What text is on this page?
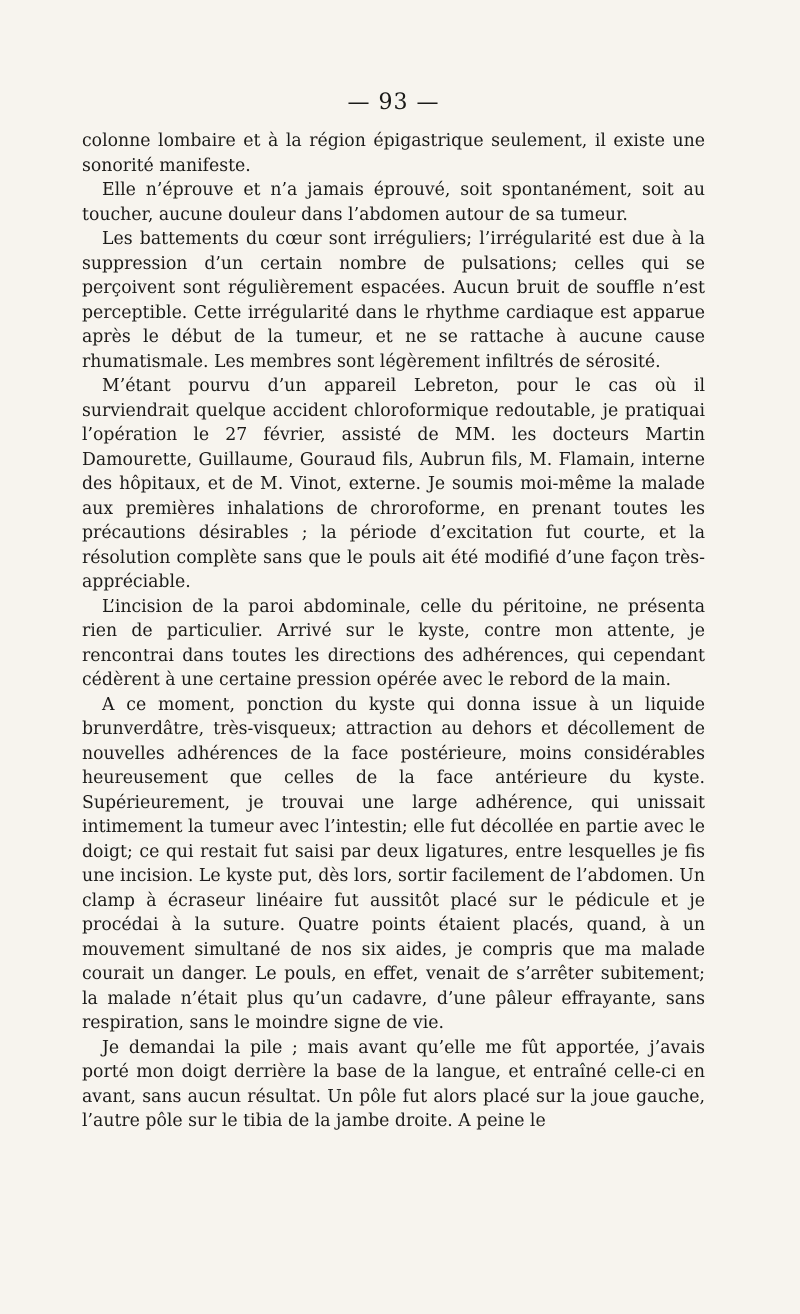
— 93 —

colonne lombaire et à la région épigastrique seulement, il existe une sonorité manifeste.

Elle n’éprouve et n’a jamais éprouvé, soit spontanément, soit au toucher, aucune douleur dans l’abdomen autour de sa tumeur.

Les battements du cœur sont irréguliers; l’irrégularité est due à la suppression d’un certain nombre de pulsations; celles qui se perçoivent sont régulièrement espacées. Aucun bruit de souffle n’est perceptible. Cette irrégularité dans le rhythme cardiaque est apparue après le début de la tumeur, et ne se rattache à aucune cause rhumatismale. Les membres sont légèrement infiltrés de sérosité.

M’étant pourvu d’un appareil Lebreton, pour le cas où il surviendrait quelque accident chloroformique redoutable, je pratiquai l’opération le 27 février, assisté de MM. les docteurs Martin Damourette, Guillaume, Gouraud fils, Aubrun fils, M. Flamain, interne des hôpitaux, et de M. Vinot, externe. Je soumis moi-même la malade aux premières inhalations de chroroforme, en prenant toutes les précautions désirables ; la période d’excitation fut courte, et la résolution complète sans que le pouls ait été modifié d’une façon très-appréciable.

L’incision de la paroi abdominale, celle du péritoine, ne présenta rien de particulier. Arrivé sur le kyste, contre mon attente, je rencontrai dans toutes les directions des adhérences, qui cependant cédèrent à une certaine pression opérée avec le rebord de la main.

A ce moment, ponction du kyste qui donna issue à un liquide brunverdâtre, très-visqueux; attraction au dehors et décollement de nouvelles adhérences de la face postérieure, moins considérables heureusement que celles de la face antérieure du kyste. Supérieurement, je trouvai une large adhérence, qui unissait intimement la tumeur avec l’intestin; elle fut décollée en partie avec le doigt; ce qui restait fut saisi par deux ligatures, entre lesquelles je fis une incision. Le kyste put, dès lors, sortir facilement de l’abdomen. Un clamp à écraseur linéaire fut aussitôt placé sur le pédicule et je procédai à la suture. Quatre points étaient placés, quand, à un mouvement simultané de nos six aides, je compris que ma malade courait un danger. Le pouls, en effet, venait de s’arrêter subitement; la malade n’était plus qu’un cadavre, d’une pâleur effrayante, sans respiration, sans le moindre signe de vie.

Je demandai la pile ; mais avant qu’elle me fût apportée, j’avais porté mon doigt derrière la base de la langue, et entraîné celle-ci en avant, sans aucun résultat. Un pôle fut alors placé sur la joue gauche, l’autre pôle sur le tibia de la jambe droite. A peine le
